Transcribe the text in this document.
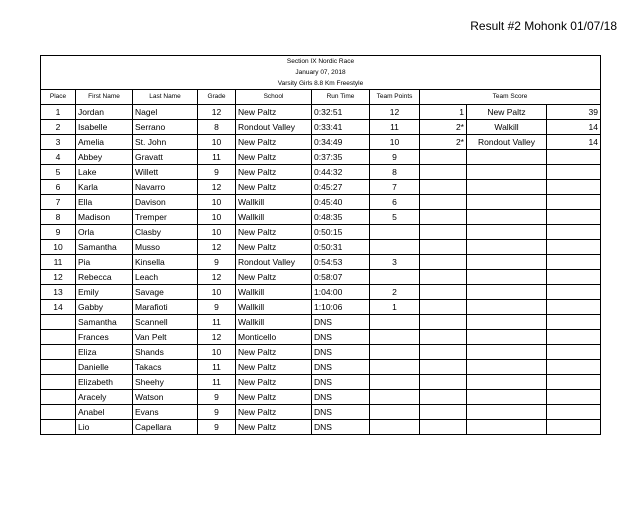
Result #2 Mohonk 01/07/18
Section IX Nordic Race									
January 07, 2018									
Varsity Girls 8.8 Km Freestyle									
Place	First Name	Last Name	Grade	School	Run Time	Team Points	Team Score		
1	Jordan	Nagel	12	New Paltz	0:32:51	12	1	New Paltz	39
2	Isabelle	Serrano	8	Rondout Valley	0:33:41	11	2*	Walkill	14
3	Amelia	St. John	10	New Paltz	0:34:49	10	2*	Rondout Valley	14
4	Abbey	Gravatt	11	New Paltz	0:37:35	9			
5	Lake	Willett	9	New Paltz	0:44:32	8			
6	Karla	Navarro	12	New Paltz	0:45:27	7			
7	Ella	Davison	10	Wallkill	0:45:40	6			
8	Madison	Tremper	10	Wallkill	0:48:35	5			
9	Orla	Clasby	10	New Paltz	0:50:15				
10	Samantha	Musso	12	New Paltz	0:50:31				
11	Pia	Kinsella	9	Rondout Valley	0:54:53	3			
12	Rebecca	Leach	12	New Paltz	0:58:07				
13	Emily	Savage	10	Wallkill	1:04:00	2			
14	Gabby	Marafioti	9	Wallkill	1:10:06	1			
	Samantha	Scannell	11	Wallkill	DNS				
	Frances	Van Pelt	12	Monticello	DNS				
	Eliza	Shands	10	New Paltz	DNS				
	Danielle	Takacs	11	New Paltz	DNS				
	Elizabeth	Sheehy	11	New Paltz	DNS				
	Aracely	Watson	9	New Paltz	DNS				
	Anabel	Evans	9	New Paltz	DNS				
	Lio	Capellara	9	New Paltz	DNS				
